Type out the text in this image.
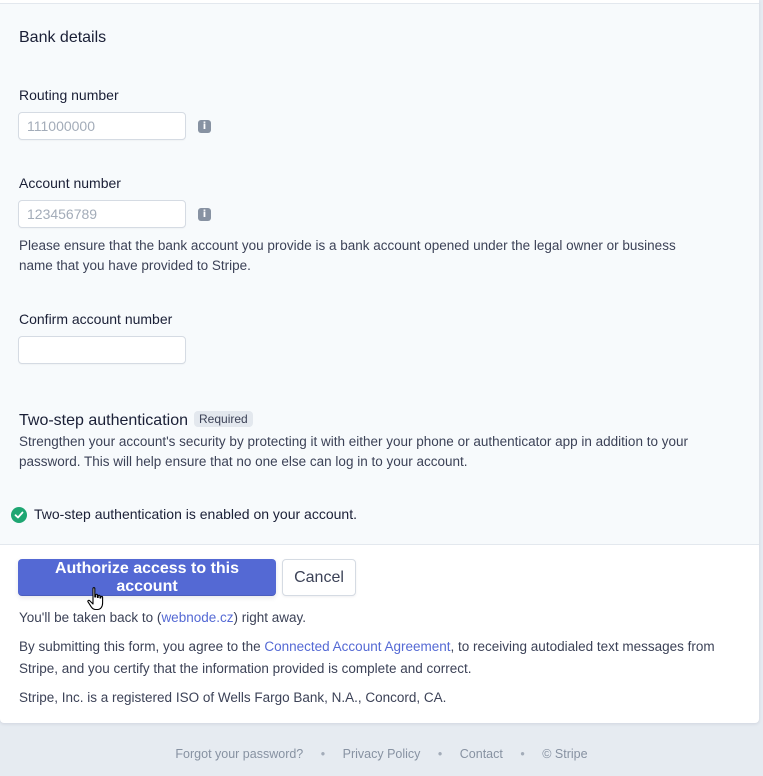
Bank details
Routing number
111000000
i
Account number
123456789
i
Please ensure that the bank account you provide is a bank account opened under the legal owner or business name that you have provided to Stripe.
Confirm account number
Two-step authentication Required
Strengthen your account's security by protecting it with either your phone or authenticator app in addition to your password. This will help ensure that no one else can log in to your account.
Two-step authentication is enabled on your account.
Authorize access to this account
Cancel
You'll be taken back to (webnode.cz) right away.
By submitting this form, you agree to the Connected Account Agreement, to receiving autodialed text messages from Stripe, and you certify that the information provided is complete and correct.
Stripe, Inc. is a registered ISO of Wells Fargo Bank, N.A., Concord, CA.
Forgot your password? • Privacy Policy • Contact • © Stripe
